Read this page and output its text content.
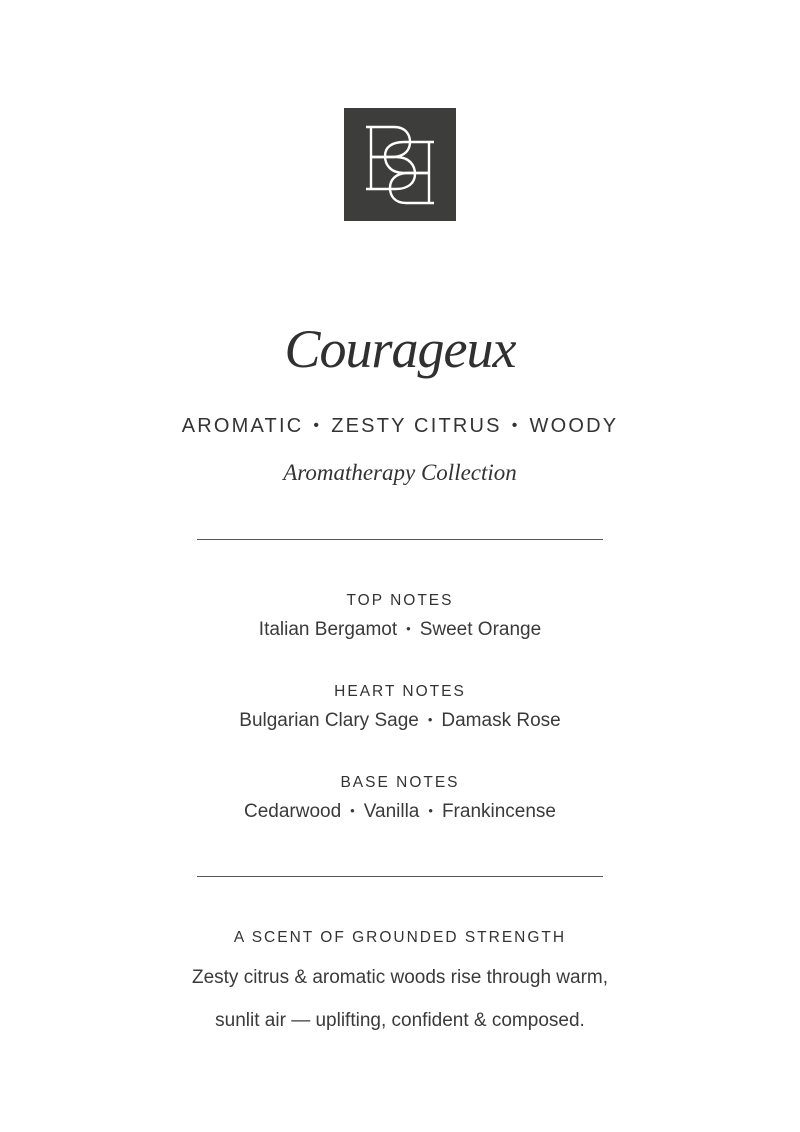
Courageux
AROMATIC • ZESTY CITRUS • WOODY
Aromatherapy Collection
TOP NOTES
Italian Bergamot • Sweet Orange
HEART NOTES
Bulgarian Clary Sage • Damask Rose
BASE NOTES
Cedarwood • Vanilla • Frankincense
A SCENT OF GROUNDED STRENGTH
Zesty citrus & aromatic woods rise through warm,
sunlit air — uplifting, confident & composed.
